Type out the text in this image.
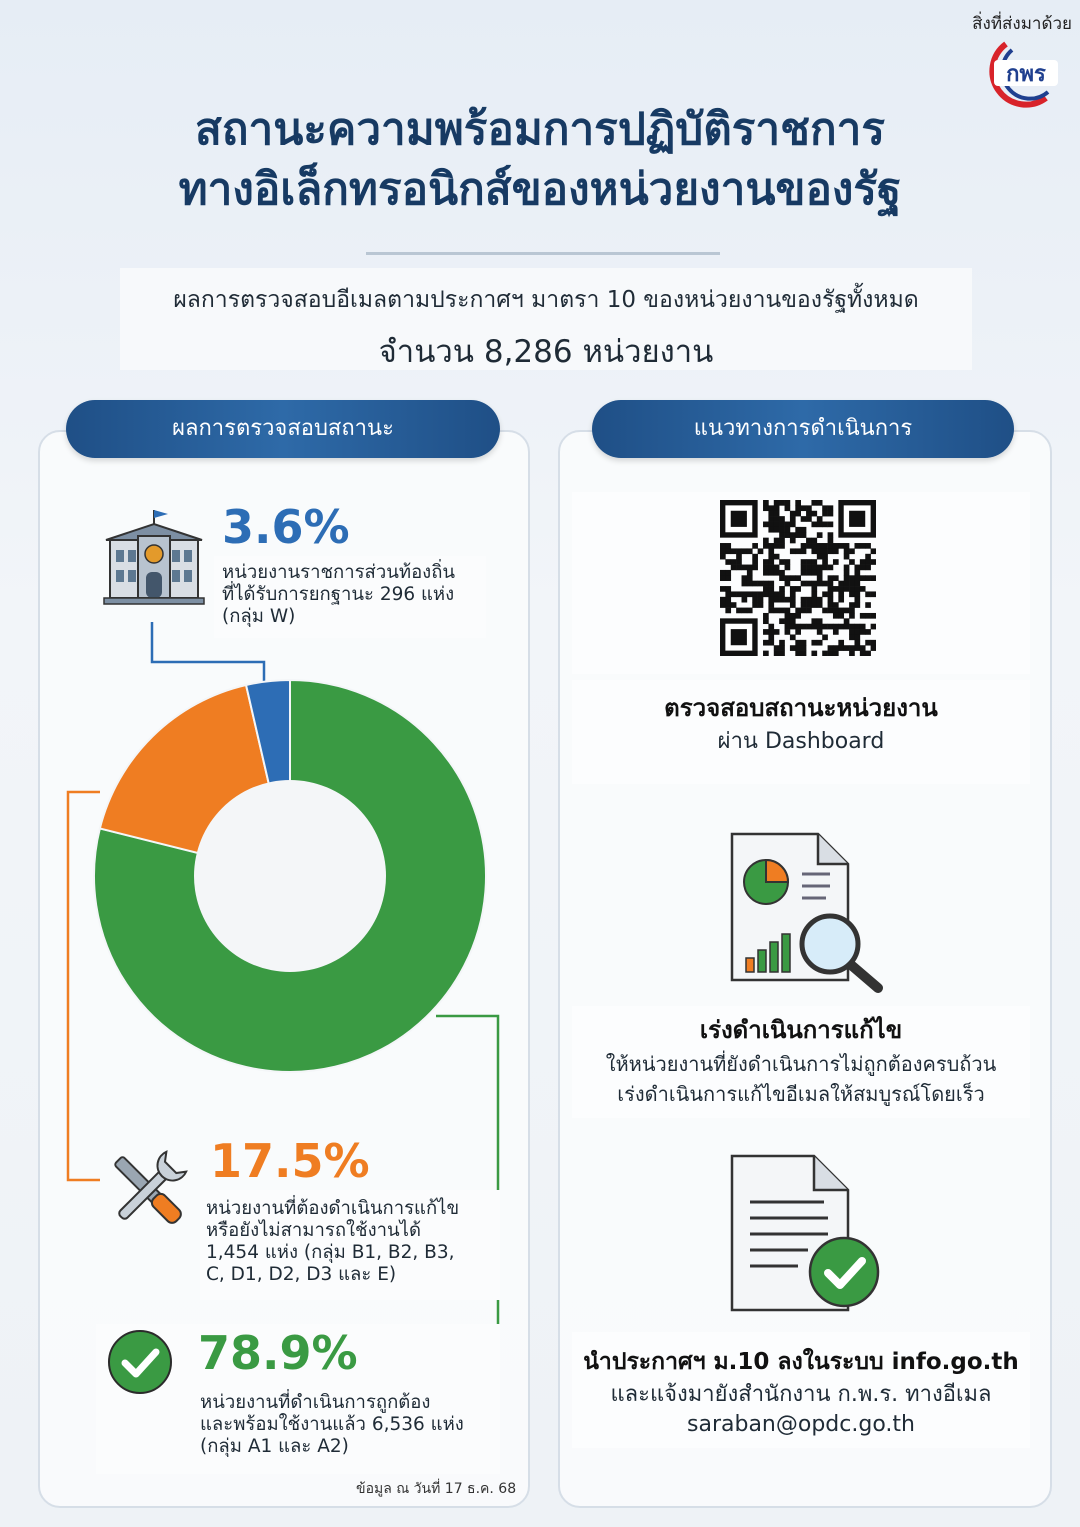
สิ่งที่ส่งมาด้วย
กพร
สถานะความพร้อมการปฏิบัติราชการ
ทางอิเล็กทรอนิกส์ของหน่วยงานของรัฐ
ผลการตรวจสอบอีเมลตามประกาศฯ มาตรา 10 ของหน่วยงานของรัฐทั้งหมด
จำนวน 8,286 หน่วยงาน
ผลการตรวจสอบสถานะ	แนวทางการดำเนินการ
3.6%
หน่วยงานราชการส่วนท้องถิ่น
ที่ได้รับการยกฐานะ 296 แห่ง
(กลุ่ม W)
17.5%
หน่วยงานที่ต้องดำเนินการแก้ไข
หรือยังไม่สามารถใช้งานได้
1,454 แห่ง (กลุ่ม B1, B2, B3,
C, D1, D2, D3 และ E)
78.9%
หน่วยงานที่ดำเนินการถูกต้อง
และพร้อมใช้งานแล้ว 6,536 แห่ง
(กลุ่ม A1 และ A2)
ข้อมูล ณ วันที่ 17 ธ.ค. 68
ตรวจสอบสถานะหน่วยงาน
ผ่าน Dashboard
เร่งดำเนินการแก้ไข
ให้หน่วยงานที่ยังดำเนินการไม่ถูกต้องครบถ้วน
เร่งดำเนินการแก้ไขอีเมลให้สมบูรณ์โดยเร็ว
นำประกาศฯ ม.10 ลงในระบบ info.go.th
และแจ้งมายังสำนักงาน ก.พ.ร. ทางอีเมล
saraban@opdc.go.th
